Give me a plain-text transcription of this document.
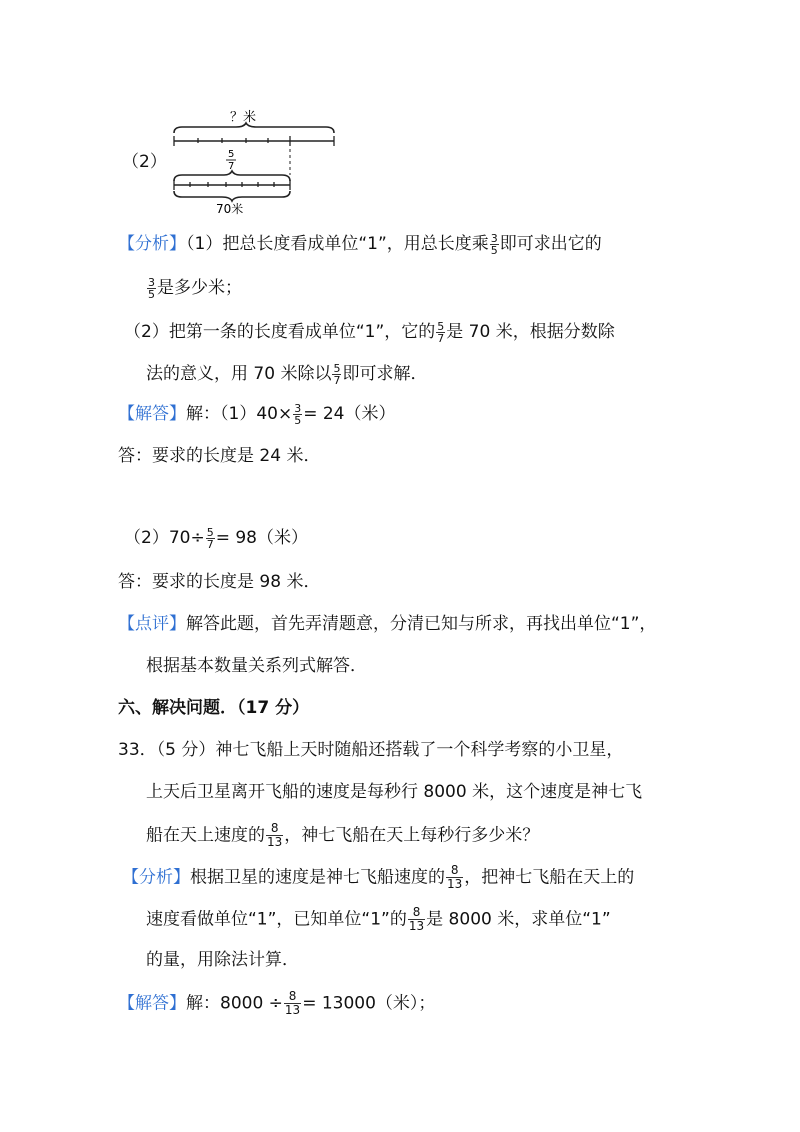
（2）
？米
5
7
70米
【分析】（1）把总长度看成单位“1”，用总长度乘 $\frac{3}{5}$ 即可求出它的
$\frac{3}{5}$ 是多少米；
（2）把第一条的长度看成单位“1”，它的 $\frac{5}{7}$ 是 70 米，根据分数除
法的意义，用 70 米除以 $\frac{5}{7}$ 即可求解．
【解答】解：$(1)40\times \frac{3}{5} = 24$（米）
答：要求的长度是 24 米．
$(2)70\div \frac{5}{7} = 98$（米）
答：要求的长度是 98 米．
【点评】解答此题，首先弄清题意，分清已知与所求，再找出单位“1”，
根据基本数量关系列式解答．
六、解决问题．（17 分）
33．（5 分）神七飞船上天时随船还搭载了一个科学考察的小卫星，
上天后卫星离开飞船的速度是每秒行 8000 米，这个速度是神七飞
船在天上速度的 $\frac{8}{13}$ ，神七飞船在天上每秒行多少米？
【分析】根据卫星的速度是神七飞船速度的 $\frac{8}{13}$ ，把神七飞船在天上的
速度看做单位“1”，已知单位“1”的 $\frac{8}{13}$ 是 8000 米，求单位“1”
的量，用除法计算．
【解答】解：$8000 \div \frac{8}{13} = 13000$（米）；
